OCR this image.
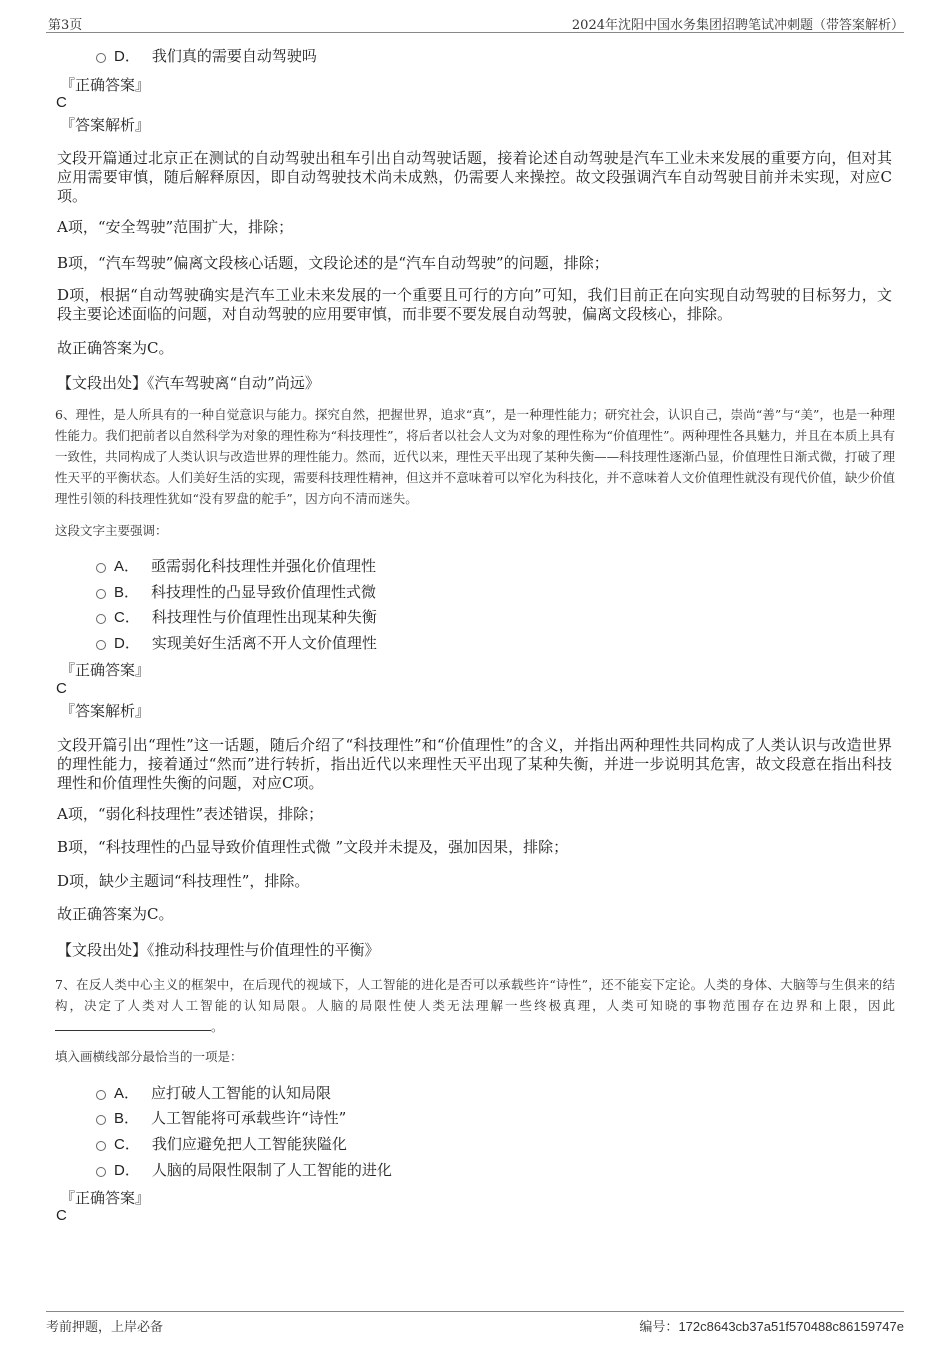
第3页	2024年沈阳中国水务集团招聘笔试冲刺题（带答案解析）
D． 我们真的需要自动驾驶吗
『正确答案』
C
『答案解析』
文段开篇通过北京正在测试的自动驾驶出租车引出自动驾驶话题，接着论述自动驾驶是汽车工业未来发展的重要方向，但对其应用需要审慎，随后解释原因，即自动驾驶技术尚未成熟，仍需要人来操控。故文段强调汽车自动驾驶目前并未实现，对应C项。
A项，“安全驾驶”范围扩大，排除；
B项，“汽车驾驶”偏离文段核心话题，文段论述的是“汽车自动驾驶”的问题，排除；
D项，根据“自动驾驶确实是汽车工业未来发展的一个重要且可行的方向”可知，我们目前正在向实现自动驾驶的目标努力，文段主要论述面临的问题，对自动驾驶的应用要审慎，而非要不要发展自动驾驶，偏离文段核心，排除。
故正确答案为C。
【文段出处】《汽车驾驶离“自动”尚远》
6、理性，是人所具有的一种自觉意识与能力。探究自然，把握世界，追求“真”，是一种理性能力；研究社会，认识自己，崇尚“善”与“美”，也是一种理性能力。我们把前者以自然科学为对象的理性称为“科技理性”，将后者以社会人文为对象的理性称为“价值理性”。两种理性各具魅力，并且在本质上具有一致性，共同构成了人类认识与改造世界的理性能力。然而，近代以来，理性天平出现了某种失衡——科技理性逐渐凸显，价值理性日渐式微，打破了理性天平的平衡状态。人们美好生活的实现，需要科技理性精神，但这并不意味着可以窄化为科技化，并不意味着人文价值理性就没有现代价值，缺少价值理性引领的科技理性犹如“没有罗盘的舵手”，因方向不清而迷失。
这段文字主要强调：
A． 亟需弱化科技理性并强化价值理性
B． 科技理性的凸显导致价值理性式微
C． 科技理性与价值理性出现某种失衡
D． 实现美好生活离不开人文价值理性
『正确答案』
C
『答案解析』
文段开篇引出“理性”这一话题，随后介绍了“科技理性”和“价值理性”的含义，并指出两种理性共同构成了人类认识与改造世界的理性能力，接着通过“然而”进行转折，指出近代以来理性天平出现了某种失衡，并进一步说明其危害，故文段意在指出科技理性和价值理性失衡的问题，对应C项。
A项，“弱化科技理性”表述错误，排除；
B项，“科技理性的凸显导致价值理性式微 ”文段并未提及，强加因果，排除；
D项，缺少主题词“科技理性”，排除。
故正确答案为C。
【文段出处】《推动科技理性与价值理性的平衡》
7、在反人类中心主义的框架中，在后现代的视域下，人工智能的进化是否可以承载些许“诗性”，还不能妄下定论。人类的身体、大脑等与生俱来的结构，决定了人类对人工智能的认知局限。人脑的局限性使人类无法理解一些终极真理，人类可知晓的事物范围存在边界和上限，因此。
填入画横线部分最恰当的一项是：
A． 应打破人工智能的认知局限
B． 人工智能将可承载些许“诗性”
C． 我们应避免把人工智能狭隘化
D． 人脑的局限性限制了人工智能的进化
『正确答案』
C
考前押题，上岸必备	编号：172c8643cb37a51f570488c86159747e
